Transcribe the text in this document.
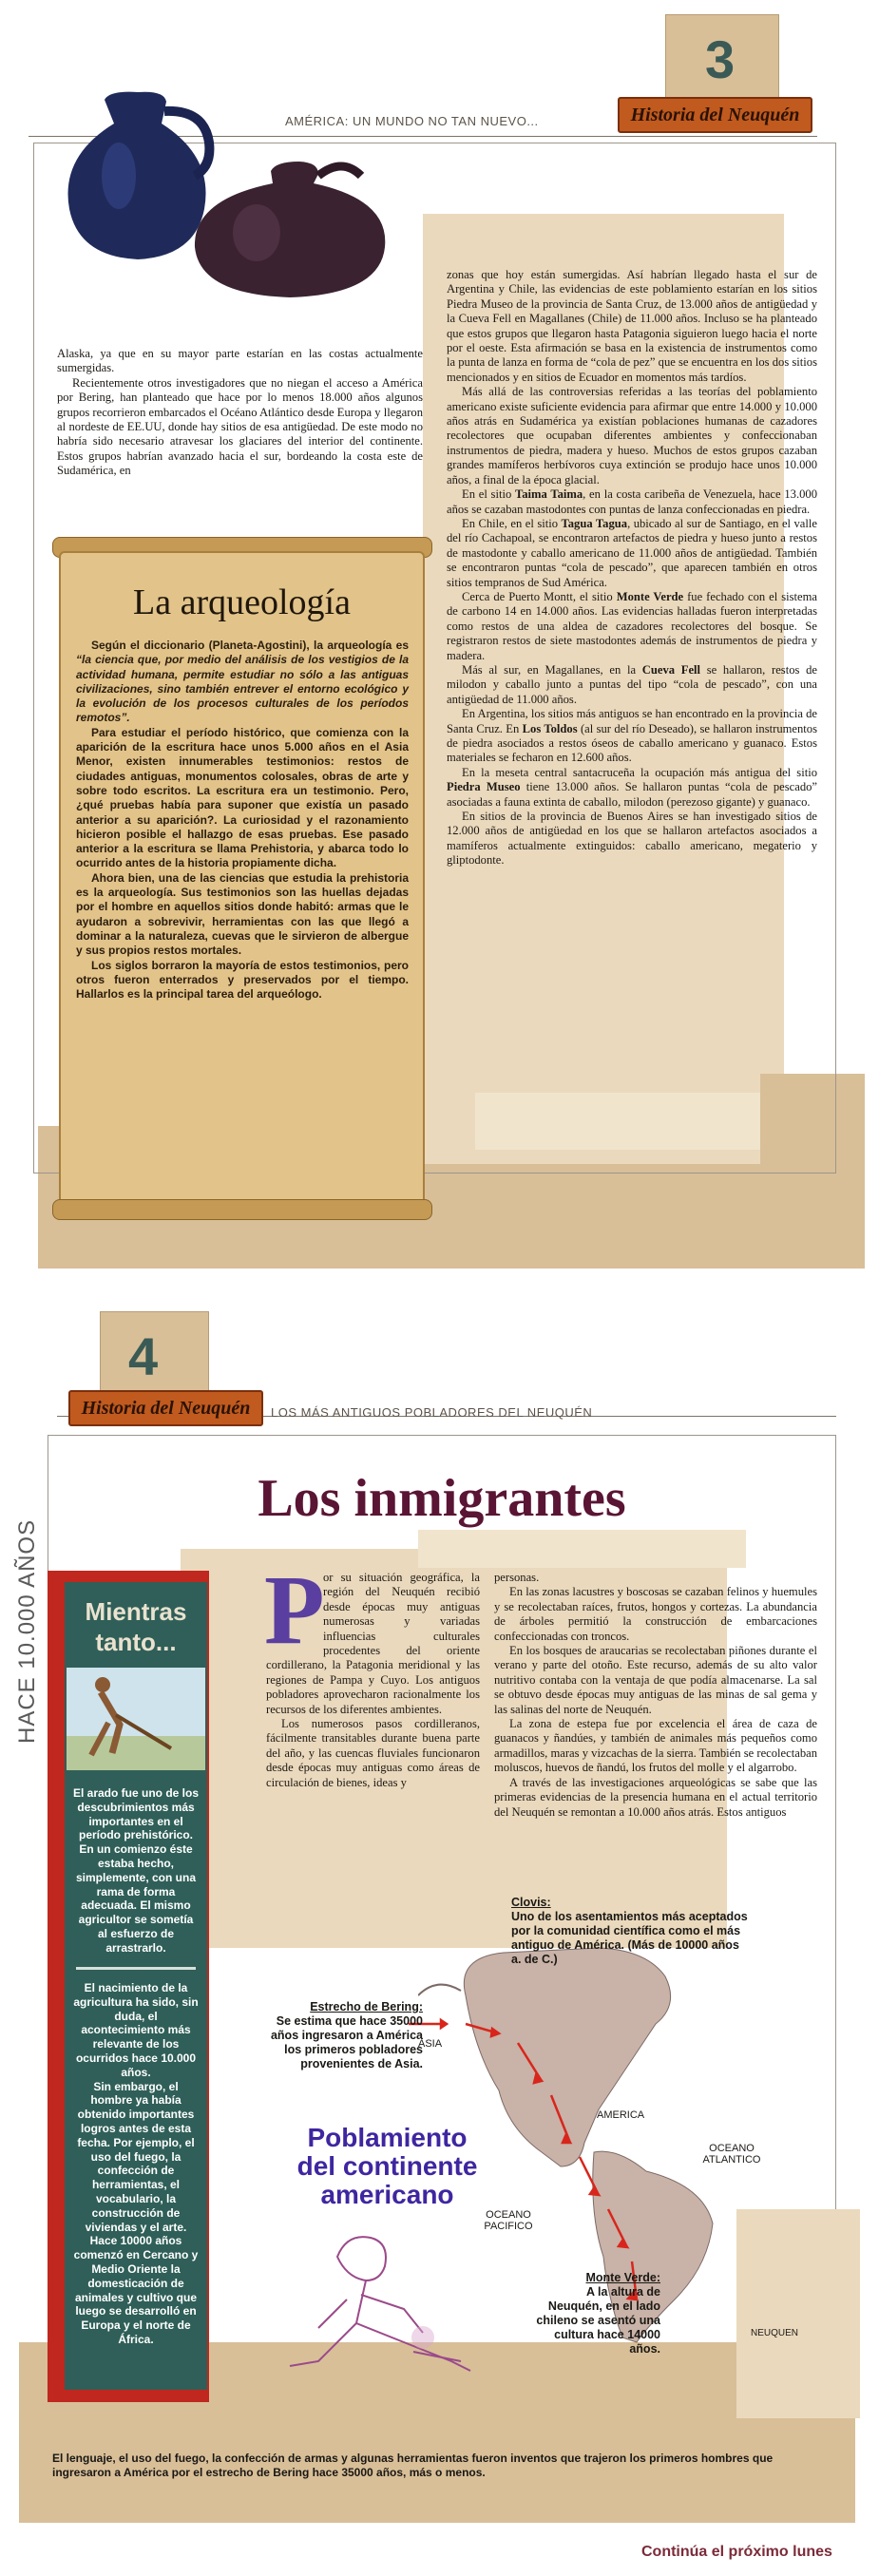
3
AMÉRICA: UN MUNDO NO TAN NUEVO...	Historia del Neuquén

Alaska, ya que en su mayor parte estarían en las costas actualmente sumergidas.

Recientemente otros investigadores que no niegan el acceso a América por Bering, han planteado que hace por lo menos 18.000 años algunos grupos recorrieron embarcados el Océano Atlántico desde Europa y llegaron al nordeste de EE.UU, donde hay sitios de esa antigüedad. De este modo no habría sido necesario atravesar los glaciares del interior del continente. Estos grupos habrían avanzado hacia el sur, bordeando la costa este de Sudamérica, en

zonas que hoy están sumergidas. Así habrían llegado hasta el sur de Argentina y Chile, las evidencias de este poblamiento estarían en los sitios Piedra Museo de la provincia de Santa Cruz, de 13.000 años de antigüedad y la Cueva Fell en Magallanes (Chile) de 11.000 años. Incluso se ha planteado que estos grupos que llegaron hasta Patagonia siguieron luego hacia el norte por el oeste. Esta afirmación se basa en la existencia de instrumentos como la punta de lanza en forma de “cola de pez” que se encuentra en los dos sitios mencionados y en sitios de Ecuador en momentos más tardíos.

Más allá de las controversias referidas a las teorías del poblamiento americano existe suficiente evidencia para afirmar que entre 14.000 y 10.000 años atrás en Sudamérica ya existían poblaciones humanas de cazadores recolectores que ocupaban diferentes ambientes y confeccionaban instrumentos de piedra, madera y hueso. Muchos de estos grupos cazaban grandes mamíferos herbívoros cuya extinción se produjo hace unos 10.000 años, a final de la época glacial.

En el sitio Taima Taima, en la costa caribeña de Venezuela, hace 13.000 años se cazaban mastodontes con puntas de lanza confeccionadas en piedra.

En Chile, en el sitio Tagua Tagua, ubicado al sur de Santiago, en el valle del río Cachapoal, se encontraron artefactos de piedra y hueso junto a restos de mastodonte y caballo americano de 11.000 años de antigüedad. También se encontraron puntas “cola de pescado”, que aparecen también en otros sitios tempranos de Sud América.

Cerca de Puerto Montt, el sitio Monte Verde fue fechado con el sistema de carbono 14 en 14.000 años. Las evidencias halladas fueron interpretadas como restos de una aldea de cazadores recolectores del bosque. Se registraron restos de siete mastodontes además de instrumentos de piedra y madera.

Más al sur, en Magallanes, en la Cueva Fell se hallaron, restos de milodon y caballo junto a puntas del tipo “cola de pescado”, con una antigüedad de 11.000 años.

En Argentina, los sitios más antiguos se han encontrado en la provincia de Santa Cruz. En Los Toldos (al sur del río Deseado), se hallaron instrumentos de piedra asociados a restos óseos de caballo americano y guanaco. Estos materiales se fecharon en 12.600 años.

En la meseta central santacruceña la ocupación más antigua del sitio Piedra Museo tiene 13.000 años. Se hallaron puntas “cola de pescado” asociadas a fauna extinta de caballo, milodon (perezoso gigante) y guanaco.

En sitios de la provincia de Buenos Aires se han investigado sitios de 12.000 años de antigüedad en los que se hallaron artefactos asociados a mamíferos actualmente extinguidos: caballo americano, megaterio y gliptodonte.

La arqueología

Según el diccionario (Planeta-Agostini), la arqueología es “la ciencia que, por medio del análisis de los vestigios de la actividad humana, permite estudiar no sólo a las antiguas civilizaciones, sino también entrever el entorno ecológico y la evolución de los procesos culturales de los períodos remotos”.

Para estudiar el período histórico, que comienza con la aparición de la escritura hace unos 5.000 años en el Asia Menor, existen innumerables testimonios: restos de ciudades antiguas, monumentos colosales, obras de arte y sobre todo escritos. La escritura era un testimonio. Pero, ¿qué pruebas había para suponer que existía un pasado anterior a su aparición?. La curiosidad y el razonamiento hicieron posible el hallazgo de esas pruebas. Ese pasado anterior a la escritura se llama Prehistoria, y abarca todo lo ocurrido antes de la historia propiamente dicha.

Ahora bien, una de las ciencias que estudia la prehistoria es la arqueología. Sus testimonios son las huellas dejadas por el hombre en aquellos sitios donde habitó: armas que le ayudaron a sobrevivir, herramientas con las que llegó a dominar a la naturaleza, cuevas que le sirvieron de albergue y sus propios restos mortales.

Los siglos borraron la mayoría de estos testimonios, pero otros fueron enterrados y preservados por el tiempo. Hallarlos es la principal tarea del arqueólogo.

4
Historia del Neuquén	LOS MÁS ANTIGUOS POBLADORES DEL NEUQUÉN
HACE 10.000 AÑOS
Los inmigrantes
Mientras tanto...
El arado fue uno de los descubrimientos más importantes en el período prehistórico. En un comienzo éste estaba hecho, simplemente, con una rama de forma adecuada. El mismo agricultor se sometía al esfuerzo de arrastrarlo.
El nacimiento de la agricultura ha sido, sin duda, el acontecimiento más relevante de los ocurridos hace 10.000 años.
Sin embargo, el hombre ya había obtenido importantes logros antes de esta fecha. Por ejemplo, el uso del fuego, la confección de herramientas, el vocabulario, la construcción de viviendas y el arte.
Hace 10000 años comenzó en Cercano y Medio Oriente la domesticación de animales y cultivo que luego se desarrolló en Europa y el norte de África.
P

or su situación geográfica, la región del Neuquén recibió desde épocas muy antiguas numerosas y variadas influencias culturales procedentes del oriente cordillerano, la Patagonia meridional y las regiones de Pampa y Cuyo. Los antiguos pobladores aprovecharon racionalmente los recursos de los diferentes ambientes.

Los numerosos pasos cordilleranos, fácilmente transitables durante buena parte del año, y las cuencas fluviales funcionaron desde épocas muy antiguas como áreas de circulación de bienes, ideas y

personas.

En las zonas lacustres y boscosas se cazaban felinos y huemules y se recolectaban raíces, frutos, hongos y cortezas. La abundancia de árboles permitió la construcción de embarcaciones confeccionadas con troncos.

En los bosques de araucarias se recolectaban piñones durante el verano y parte del otoño. Este recurso, además de su alto valor nutritivo contaba con la ventaja de que podía almacenarse. La sal se obtuvo desde épocas muy antiguas de las minas de sal gema y las salinas del norte de Neuquén.

La zona de estepa fue por excelencia el área de caza de guanacos y ñandúes, y también de animales más pequeños como armadillos, maras y vizcachas de la sierra. También se recolectaban moluscos, huevos de ñandú, los frutos del molle y el algarrobo.

A través de las investigaciones arqueológicas se sabe que las primeras evidencias de la presencia humana en el actual territorio del Neuquén se remontan a 10.000 años atrás. Estos antiguos

Clovis:
Uno de los asentamientos más aceptados por la comunidad científica como el más antiguo de América. (Más de 10000 años a. de C.)
Estrecho de Bering:
Se estima que hace 35000 años ingresaron a América los primeros pobladores provenientes de Asia.
ASIA
AMERICA
OCEANO ATLANTICO
OCEANO PACIFICO
NEUQUEN
Poblamiento del continente americano
Monte Verde:
A la altura de Neuquén, en el lado chileno se asentó una cultura hace 14000 años.
El lenguaje, el uso del fuego, la confección de armas y algunas herramientas fueron inventos que trajeron los primeros hombres que ingresaron a América por el estrecho de Bering hace 35000 años, más o menos.
Continúa el próximo lunes
